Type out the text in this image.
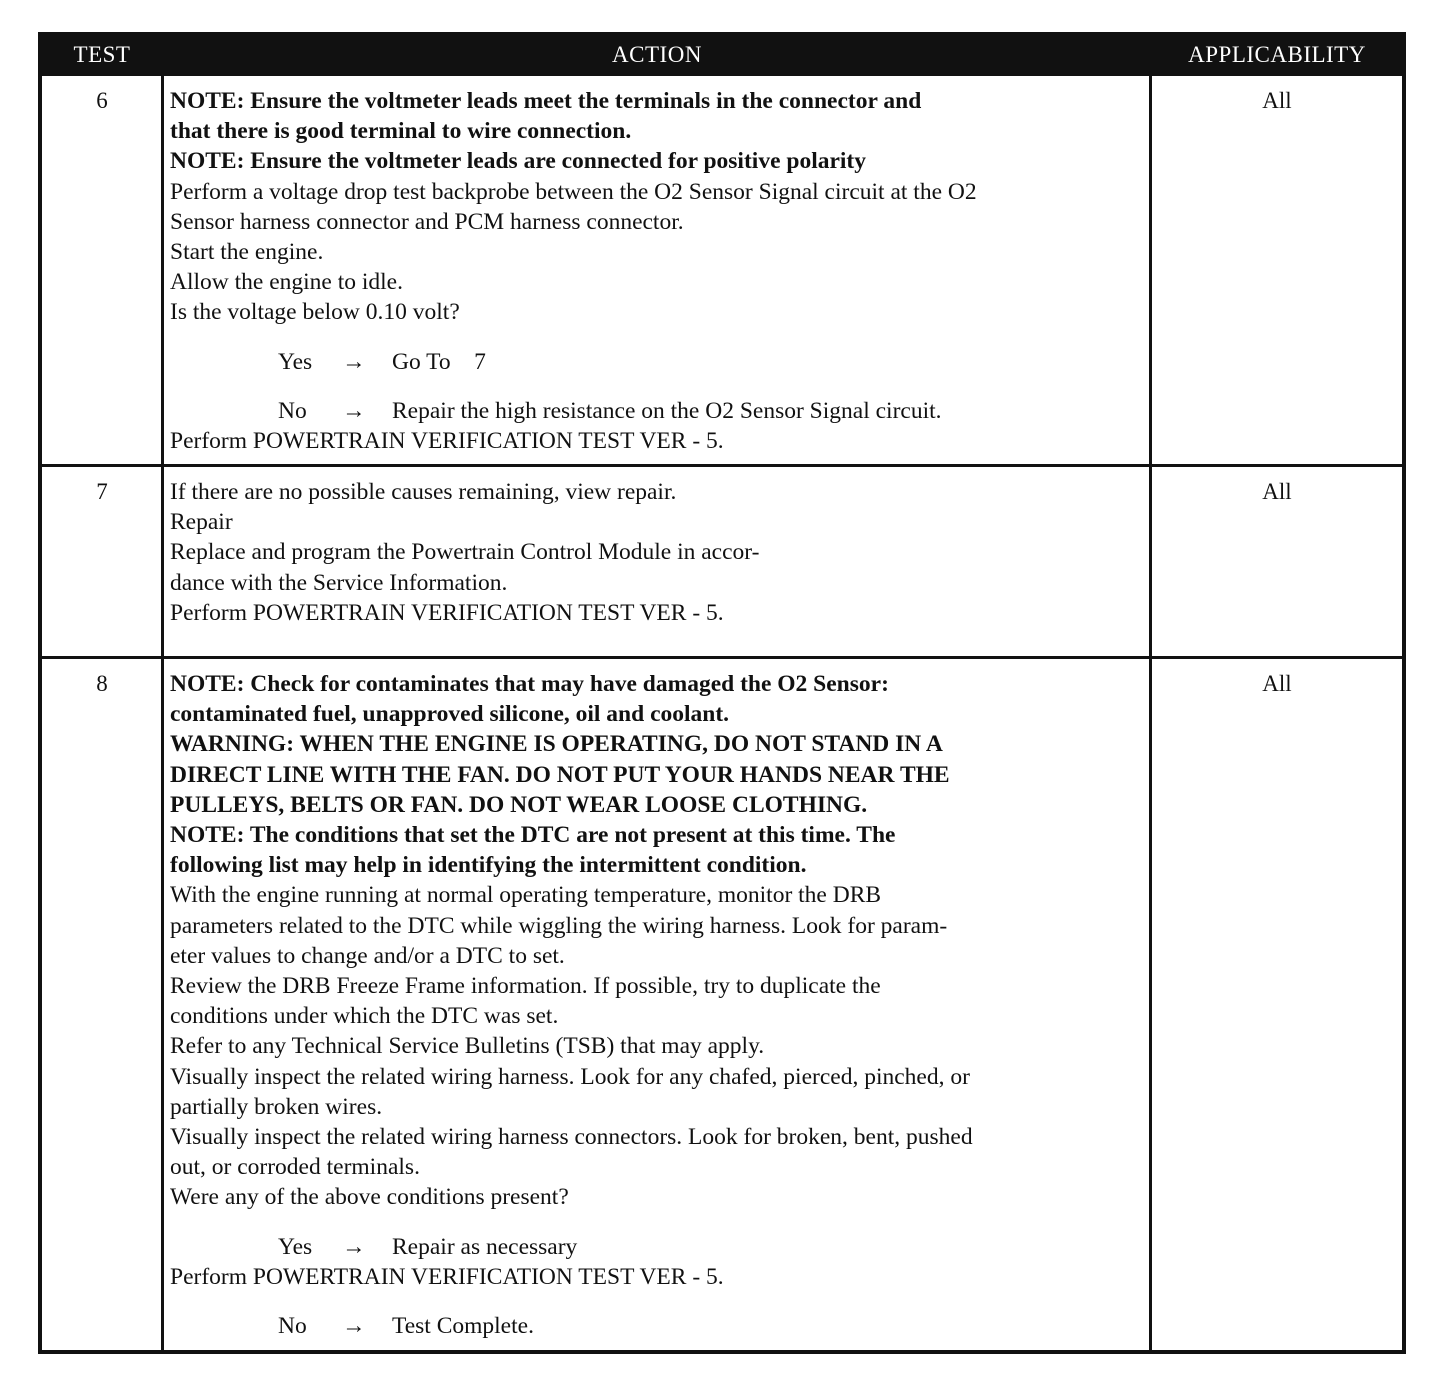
TEST	ACTION	APPLICABILITY
6	NOTE: Ensure the voltmeter leads meet the terminals in the connector and

that there is good terminal to wire connection.

NOTE: Ensure the voltmeter leads are connected for positive polarity

Perform a voltage drop test backprobe between the O2 Sensor Signal circuit at the O2

Sensor harness connector and PCM harness connector.

Start the engine.

Allow the engine to idle.

Is the voltage below 0.10 volt?

Yes → Go To    7
No → Repair the high resistance on the O2 Sensor Signal circuit.

Perform POWERTRAIN VERIFICATION TEST VER - 5.

All
7	If there are no possible causes remaining, view repair.

Repair

Replace and program the Powertrain Control Module in accor-

dance with the Service Information.

Perform POWERTRAIN VERIFICATION TEST VER - 5.

All
8	NOTE: Check for contaminates that may have damaged the O2 Sensor:

contaminated fuel, unapproved silicone, oil and coolant.

WARNING: WHEN THE ENGINE IS OPERATING, DO NOT STAND IN A

DIRECT LINE WITH THE FAN. DO NOT PUT YOUR HANDS NEAR THE

PULLEYS, BELTS OR FAN. DO NOT WEAR LOOSE CLOTHING.

NOTE: The conditions that set the DTC are not present at this time. The

following list may help in identifying the intermittent condition.

With the engine running at normal operating temperature, monitor the DRB

parameters related to the DTC while wiggling the wiring harness. Look for param-

eter values to change and/or a DTC to set.

Review the DRB Freeze Frame information. If possible, try to duplicate the

conditions under which the DTC was set.

Refer to any Technical Service Bulletins (TSB) that may apply.

Visually inspect the related wiring harness. Look for any chafed, pierced, pinched, or

partially broken wires.

Visually inspect the related wiring harness connectors. Look for broken, bent, pushed

out, or corroded terminals.

Were any of the above conditions present?

Yes → Repair as necessary

Perform POWERTRAIN VERIFICATION TEST VER - 5.

No → Test Complete.
All
